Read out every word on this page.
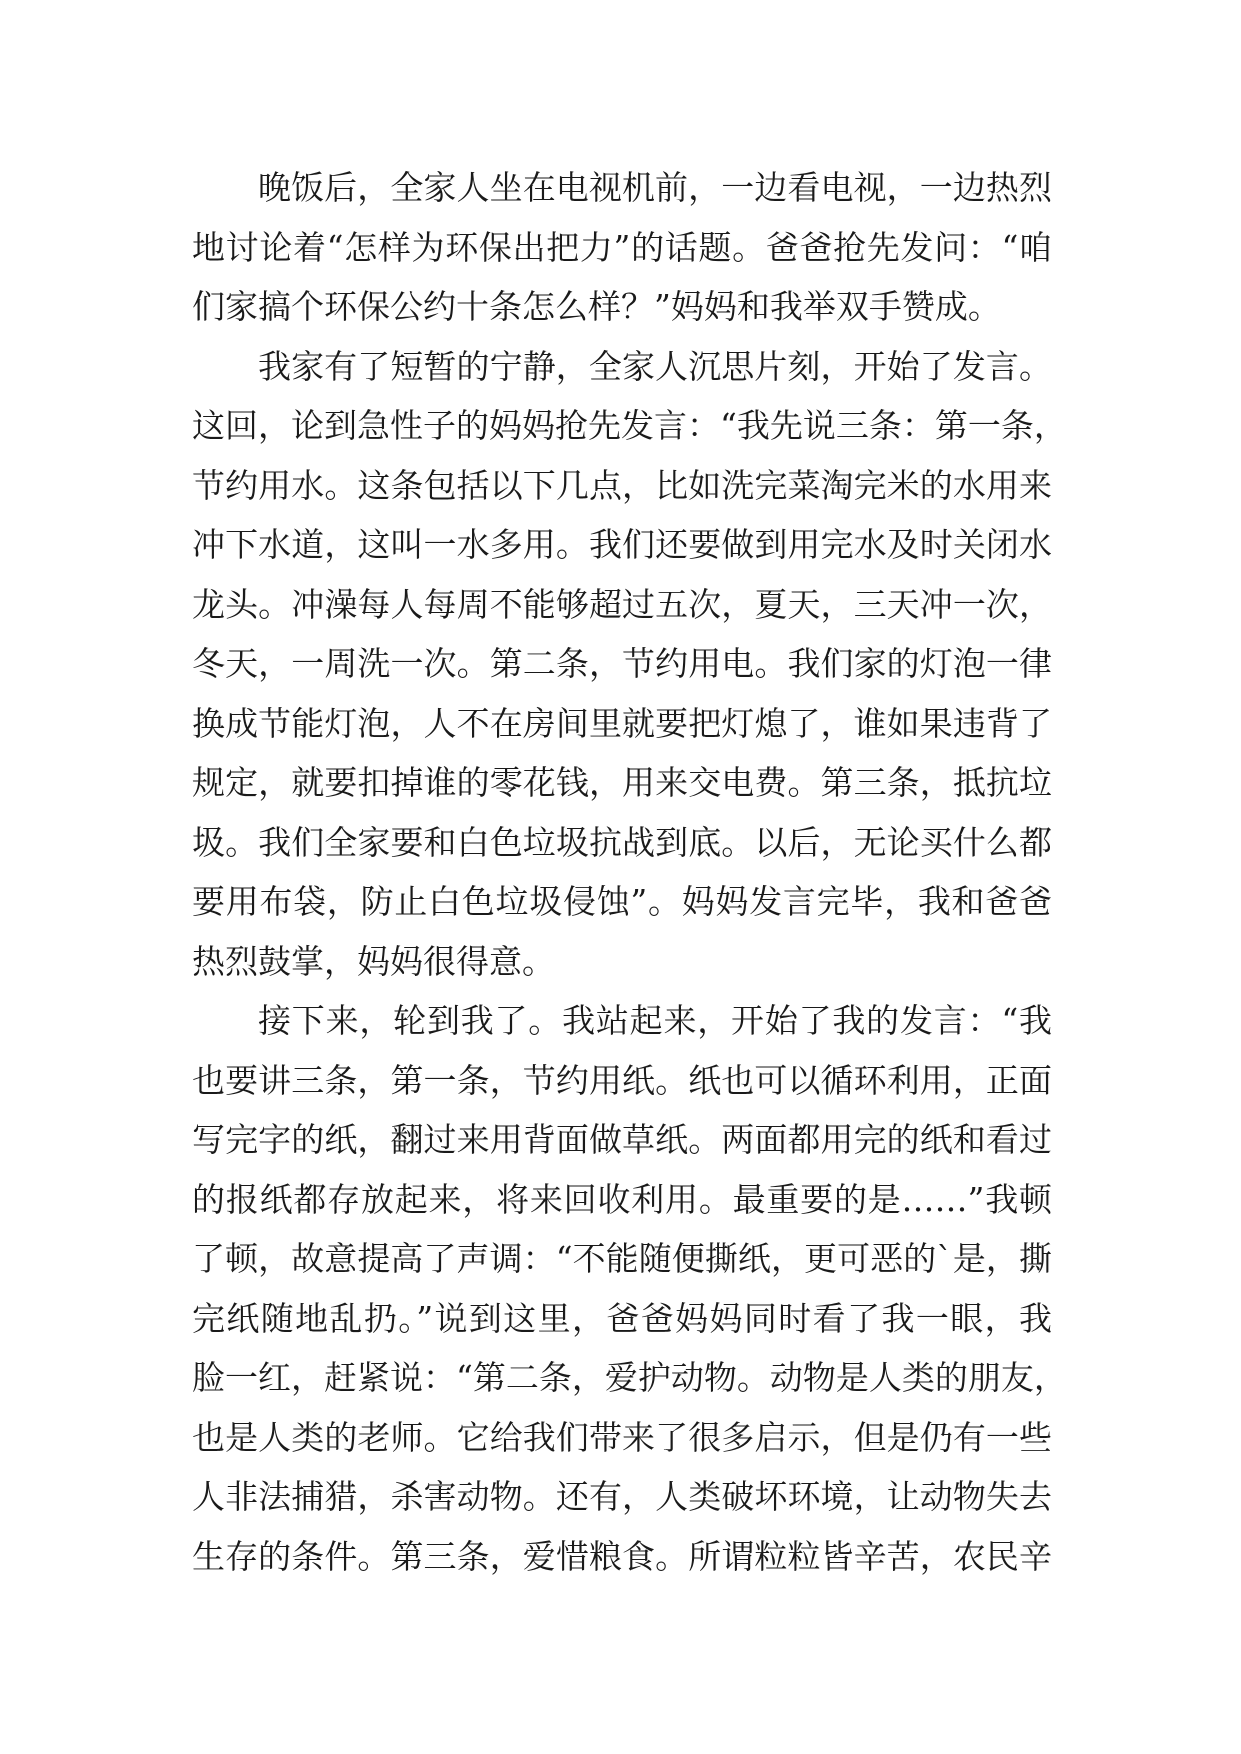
晚饭后，全家人坐在电视机前，一边看电视，一边热烈
地讨论着“怎样为环保出把力”的话题。爸爸抢先发问：“咱
们家搞个环保公约十条怎么样？”妈妈和我举双手赞成。
我家有了短暂的宁静，全家人沉思片刻，开始了发言。
这回，论到急性子的妈妈抢先发言：“我先说三条：第一条，
节约用水。这条包括以下几点，比如洗完菜淘完米的水用来
冲下水道，这叫一水多用。我们还要做到用完水及时关闭水
龙头。冲澡每人每周不能够超过五次，夏天，三天冲一次，
冬天，一周洗一次。第二条，节约用电。我们家的灯泡一律
换成节能灯泡，人不在房间里就要把灯熄了，谁如果违背了
规定，就要扣掉谁的零花钱，用来交电费。第三条，抵抗垃
圾。我们全家要和白色垃圾抗战到底。以后，无论买什么都
要用布袋，防止白色垃圾侵蚀”。妈妈发言完毕，我和爸爸
热烈鼓掌，妈妈很得意。
接下来，轮到我了。我站起来，开始了我的发言：“我
也要讲三条，第一条，节约用纸。纸也可以循环利用，正面
写完字的纸，翻过来用背面做草纸。两面都用完的纸和看过
的报纸都存放起来，将来回收利用。最重要的是……”我顿
了顿，故意提高了声调：“不能随便撕纸，更可恶的`是，撕
完纸随地乱扔。”说到这里，爸爸妈妈同时看了我一眼，我
脸一红，赶紧说：“第二条，爱护动物。动物是人类的朋友，
也是人类的老师。它给我们带来了很多启示，但是仍有一些
人非法捕猎，杀害动物。还有，人类破坏环境，让动物失去
生存的条件。第三条，爱惜粮食。所谓粒粒皆辛苦，农民辛
